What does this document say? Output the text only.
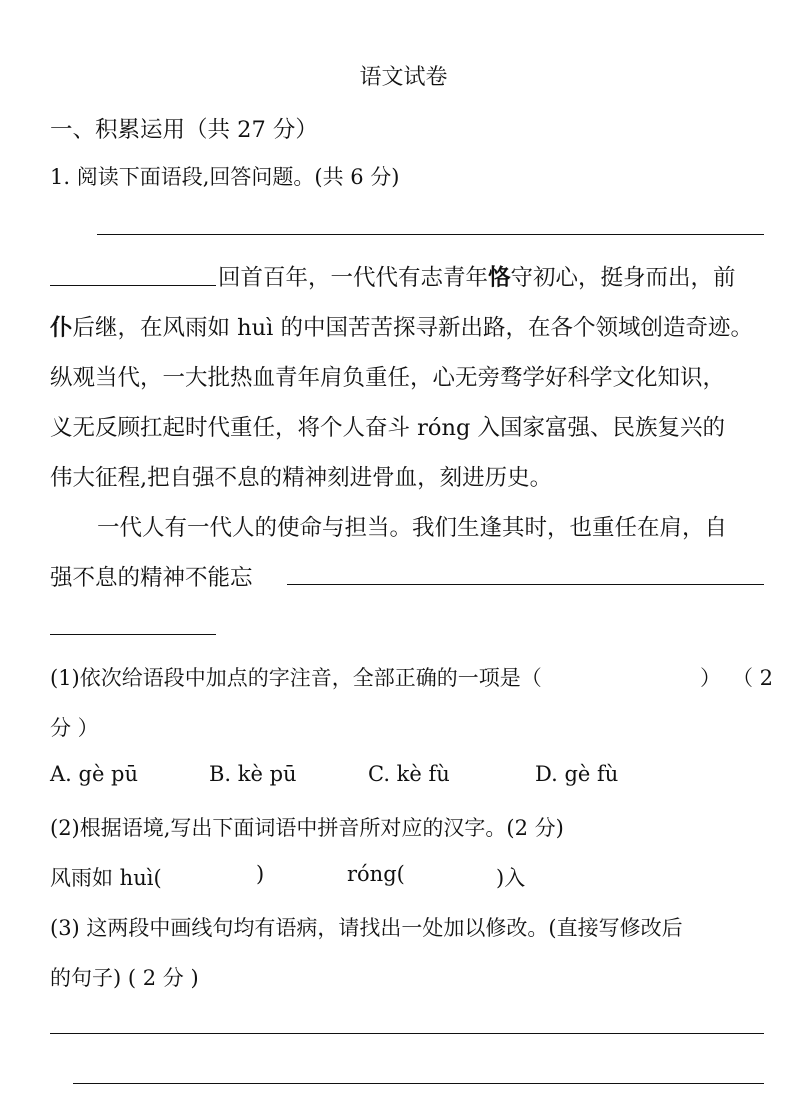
语文试卷
一、积累运用（共 27 分）
1. 阅读下面语段,回答问题。(共 6 分)
回首百年，一代代有志青年恪守初心，挺身而出，前
仆后继，在风雨如 huì 的中国苦苦探寻新出路，在各个领域创造奇迹。
纵观当代，一大批热血青年肩负重任，心无旁骛学好科学文化知识，
义无反顾扛起时代重任，将个人奋斗 róng 入国家富强、民族复兴的
伟大征程,把自强不息的精神刻进骨血，刻进历史。
一代人有一代人的使命与担当。我们生逢其时，也重任在肩，自
强不息的精神不能忘
(1)依次给语段中加点的字注音，全部正确的一项是（	） （ 2
分 ）
A. gè pū	B. kè pū	C. kè fù	D. gè fù
(2)根据语境,写出下面词语中拼音所对应的汉字。(2 分)
风雨如 huì(	)	róng(	)入
(3) 这两段中画线句均有语病，请找出一处加以修改。(直接写修改后
的句子) ( 2 分 )
